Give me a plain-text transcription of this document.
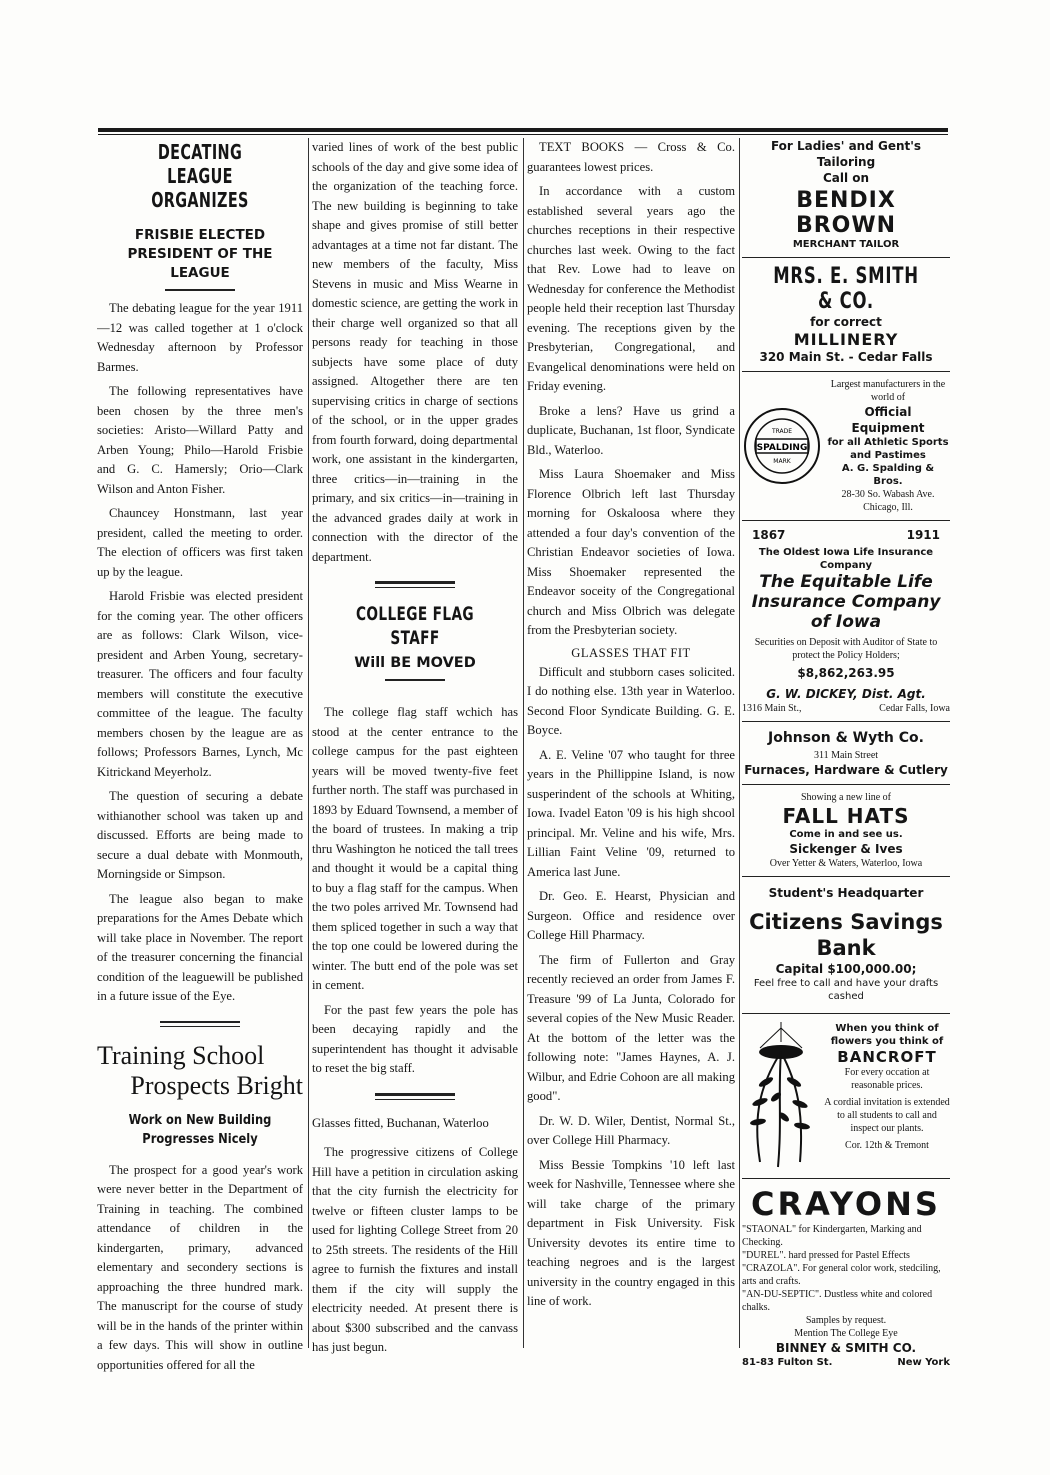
DECATING LEAGUE ORGANIZES
FRISBIE ELECTED PRESIDENT OF THE LEAGUE

The debating league for the year 1911—12 was called together at 1 o'clock Wednesday afternoon by Professor Barmes.

The following representatives have been chosen by the three men's societies: Aristo—Willard Patty and Arben Young; Philo—Harold Frisbie and G. C. Hamersly; Orio—Clark Wilson and Anton Fisher.

Chauncey Honstmann, last year president, called the meeting to order. The election of officers was first taken up by the league.

Harold Frisbie was elected president for the coming year. The other officers are as follows: Clark Wilson, vice-president and Arben Young, secretary-treasurer. The officers and four faculty members will constitute the executive committee of the league. The faculty members chosen by the league are as follows; Professors Barnes, Lynch, Mc Kitrickand Meyerholz.

The question of securing a debate withianother school was taken up and discussed. Efforts are being made to secure a dual debate with Monmouth, Morningside or Simpson.

The league also began to make preparations for the Ames Debate which will take place in November. The report of the treasurer concerning the financial condition of the leaguewill be published in a future issue of the Eye.

Training School
Prospects Bright
Work on New Building Progresses Nicely

The prospect for a good year's work were never better in the Department of Training in teaching. The combined attendance of children in the kindergarten, primary, advanced elementary and secondery sections is approaching the three hundred mark. The manuscript for the course of study will be in the hands of the printer within a few days. This will show in outline opportunities offered for all the

varied lines of work of the best public schools of the day and give some idea of the organization of the teaching force. The new building is beginning to take shape and gives promise of still better advantages at a time not far distant. The new members of the faculty, Miss Stevens in music and Miss Wearne in domestic science, are getting the work in their charge well organized so that all persons ready for teaching in those subjects have some place of duty assigned. Altogether there are ten supervising critics in charge of sections of the school, or in the upper grades from fourth forward, doing departmental work, one assistant in the kindergarten, three critics—in—training in the primary, and six critics—in—training in the advanced grades daily at work in connection with the director of the department.

COLLEGE FLAG STAFF
Will BE MOVED

The college flag staff wchich has stood at the center entrance to the college campus for the past eighteen years will be moved twenty-five feet further north. The staff was purchased in 1893 by Eduard Townsend, a member of the board of trustees. In making a trip thru Washington he noticed the tall trees and thought it would be a capital thing to buy a flag staff for the campus. When the two poles arrived Mr. Townsend had them spliced together in such a way that the top one could be lowered during the winter. The butt end of the pole was set in cement.

For the past few years the pole has been decaying rapidly and the superintendent has thought it advisable to reset the big staff.

Glasses fitted, Buchanan, Waterloo

The progressive citizens of College Hill have a petition in circulation asking that the city furnish the electricity for twelve or fifteen cluster lamps to be used for lighting College Street from 20 to 25th streets. The residents of the Hill agree to furnish the fixtures and install them if the city will supply the electricity needed. At present there is about $300 subscribed and the canvass has just begun.

TEXT BOOKS — Cross & Co. guarantees lowest prices.

In accordance with a custom established several years ago the churches receptions in their respective churches last week. Owing to the fact that Rev. Lowe had to leave on Wednesday for conference the Methodist people held their reception last Thursday evening. The receptions given by the Presbyterian, Congregational, and Evangelical denominations were held on Friday evening.

Broke a lens? Have us grind a duplicate, Buchanan, 1st floor, Syndicate Bld., Waterloo.

Miss Laura Shoemaker and Miss Florence Olbrich left last Thursday morning for Oskaloosa where they attended a four day's convention of the Christian Endeavor societies of Iowa. Miss Shoemaker represented the Endeavor soceity of the Congregational church and Miss Olbrich was delegate from the Presbyterian society.

GLASSES THAT FIT

Difficult and stubborn cases solicited. I do nothing else. 13th year in Waterloo. Second Floor Syndicate Building. G. E. Boyce.

A. E. Veline '07 who taught for three years in the Phillippine Island, is now susperindent of the schools at Whiting, Iowa. Ivadel Eaton '09 is his high shcool principal. Mr. Veline and his wife, Mrs. Lillian Faint Veline '09, returned to America last June.

Dr. Geo. E. Hearst, Physician and Surgeon. Office and residence over College Hill Pharmacy.

The firm of Fullerton and Gray recently recieved an order from James F. Treasure '99 of La Junta, Colorado for several copies of the New Music Reader. At the bottom of the letter was the following note: "James Haynes, A. J. Wilbur, and Edrie Cohoon are all making good".

Dr. W. D. Wiler, Dentist, Normal St., over College Hill Pharmacy.

Miss Bessie Tompkins '10 left last week for Nashville, Tennessee where she will take charge of the primary department in Fisk University. Fisk University devotes its entire time to teaching negroes and is the largest university in the country engaged in this line of work.

For Ladies' and Gent's Tailoring
Call on
BENDIX BROWN
MERCHANT TAILOR
MRS. E. SMITH & CO.
for correct
MILLINERY
320 Main St. - Cedar Falls
SPALDING
TRADE
MARK
Largest manufacturers in the world of
Official Equipment
for all Athletic Sports and Pastimes
A. G. Spalding & Bros.
28-30 So. Wabash Ave.
Chicago, Ill.
1867	1911
The Oldest Iowa Life Insurance Company
The Equitable Life
Insurance Company
of Iowa
Securities on Deposit with Auditor of State to protect the Policy Holders;
$8,862,263.95
G. W. DICKEY, Dist. Agt.
1316 Main St.,	Cedar Falls, Iowa
Johnson & Wyth Co.
311 Main Street
Furnaces, Hardware & Cutlery
Showing a new line of
FALL HATS
Come in and see us.
Sickenger & Ives
Over Yetter & Waters, Waterloo, Iowa
Student's Headquarter
Citizens Savings
Bank
Capital $100,000.00;
Feel free to call and have your drafts cashed
When you think of flowers you think of
BANCROFT
For every occation at reasonable prices.
A cordial invitation is extended to all students to call and inspect our plants.
Cor. 12th & Tremont
CRAYONS
"STAONAL" for Kindergarten, Marking and Checking.
"DUREL". hard pressed for Pastel Effects
"CRAZOLA". For general color work, stedciling, arts and crafts.
"AN-DU-SEPTIC". Dustless white and colored chalks.
Samples by request.
Mention The College Eye
BINNEY & SMITH CO.
81-83 Fulton St.	New York
